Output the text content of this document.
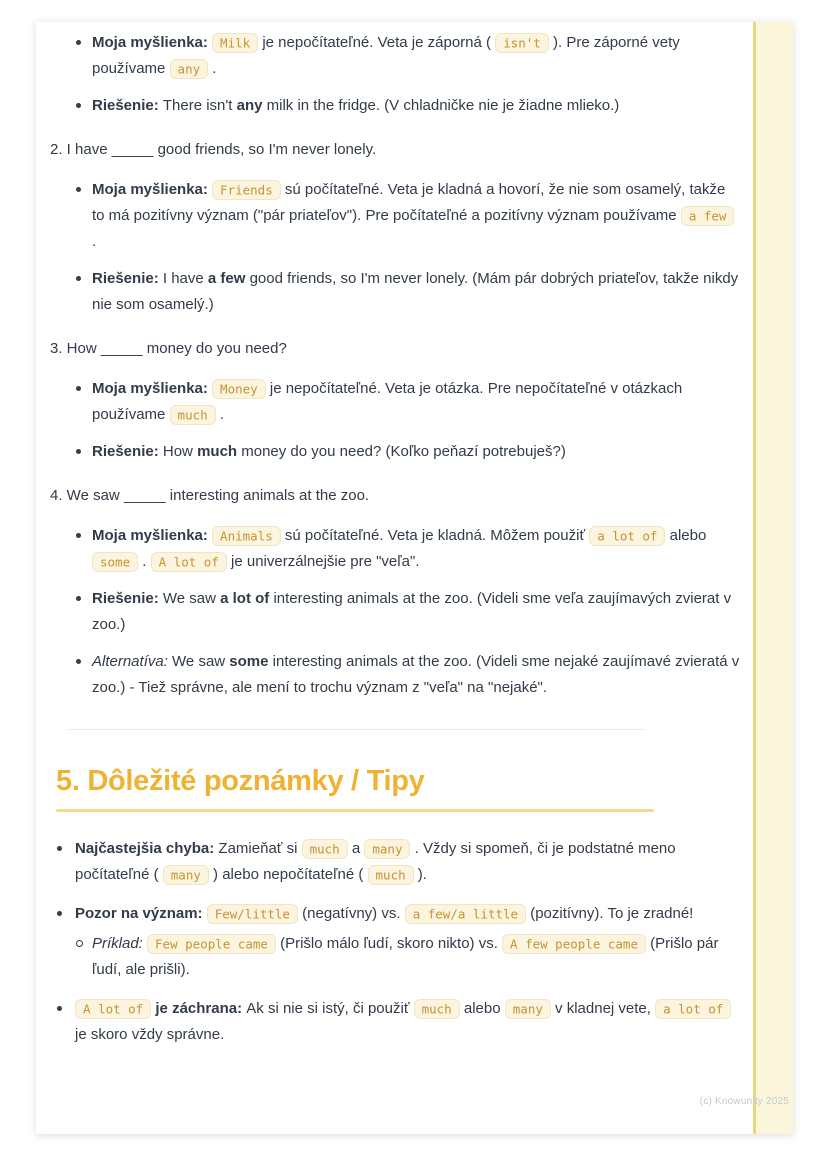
Moja myšlienka: Milk je nepočítateľné. Veta je záporná ( isn't ). Pre záporné vety používame any .
Riešenie: There isn't any milk in the fridge. (V chladničke nie je žiadne mlieko.)
2. I have _____ good friends, so I'm never lonely.
Moja myšlienka: Friends sú počítateľné. Veta je kladná a hovorí, že nie som osamelý, takže to má pozitívny význam ("pár priateľov"). Pre počítateľné a pozitívny význam používame a few .
Riešenie: I have a few good friends, so I'm never lonely. (Mám pár dobrých priateľov, takže nikdy nie som osamelý.)
3. How _____ money do you need?
Moja myšlienka: Money je nepočítateľné. Veta je otázka. Pre nepočítateľné v otázkach používame much .
Riešenie: How much money do you need? (Koľko peňazí potrebuješ?)
4. We saw _____ interesting animals at the zoo.
Moja myšlienka: Animals sú počítateľné. Veta je kladná. Môžem použiť a lot of alebo some . A lot of je univerzálnejšie pre "veľa".
Riešenie: We saw a lot of interesting animals at the zoo. (Videli sme veľa zaujímavých zvierat v zoo.)
Alternatíva: We saw some interesting animals at the zoo. (Videli sme nejaké zaujímavé zvieratá v zoo.) - Tiež správne, ale mení to trochu význam z "veľa" na "nejaké".
5. Dôležité poznámky / Tipy
Najčastejšia chyba: Zamieňať si much a many . Vždy si spomeň, či je podstatné meno počítateľné ( many ) alebo nepočítateľné ( much ).
Pozor na význam: Few/little (negatívny) vs. a few/a little (pozitívny). To je zradné!
Príklad: Few people came (Prišlo málo ľudí, skoro nikto) vs. A few people came (Prišlo pár ľudí, ale prišli).
A lot of je záchrana: Ak si nie si istý, či použiť much alebo many v kladnej vete, a lot of je skoro vždy správne.
(c) Knowunity 2025
